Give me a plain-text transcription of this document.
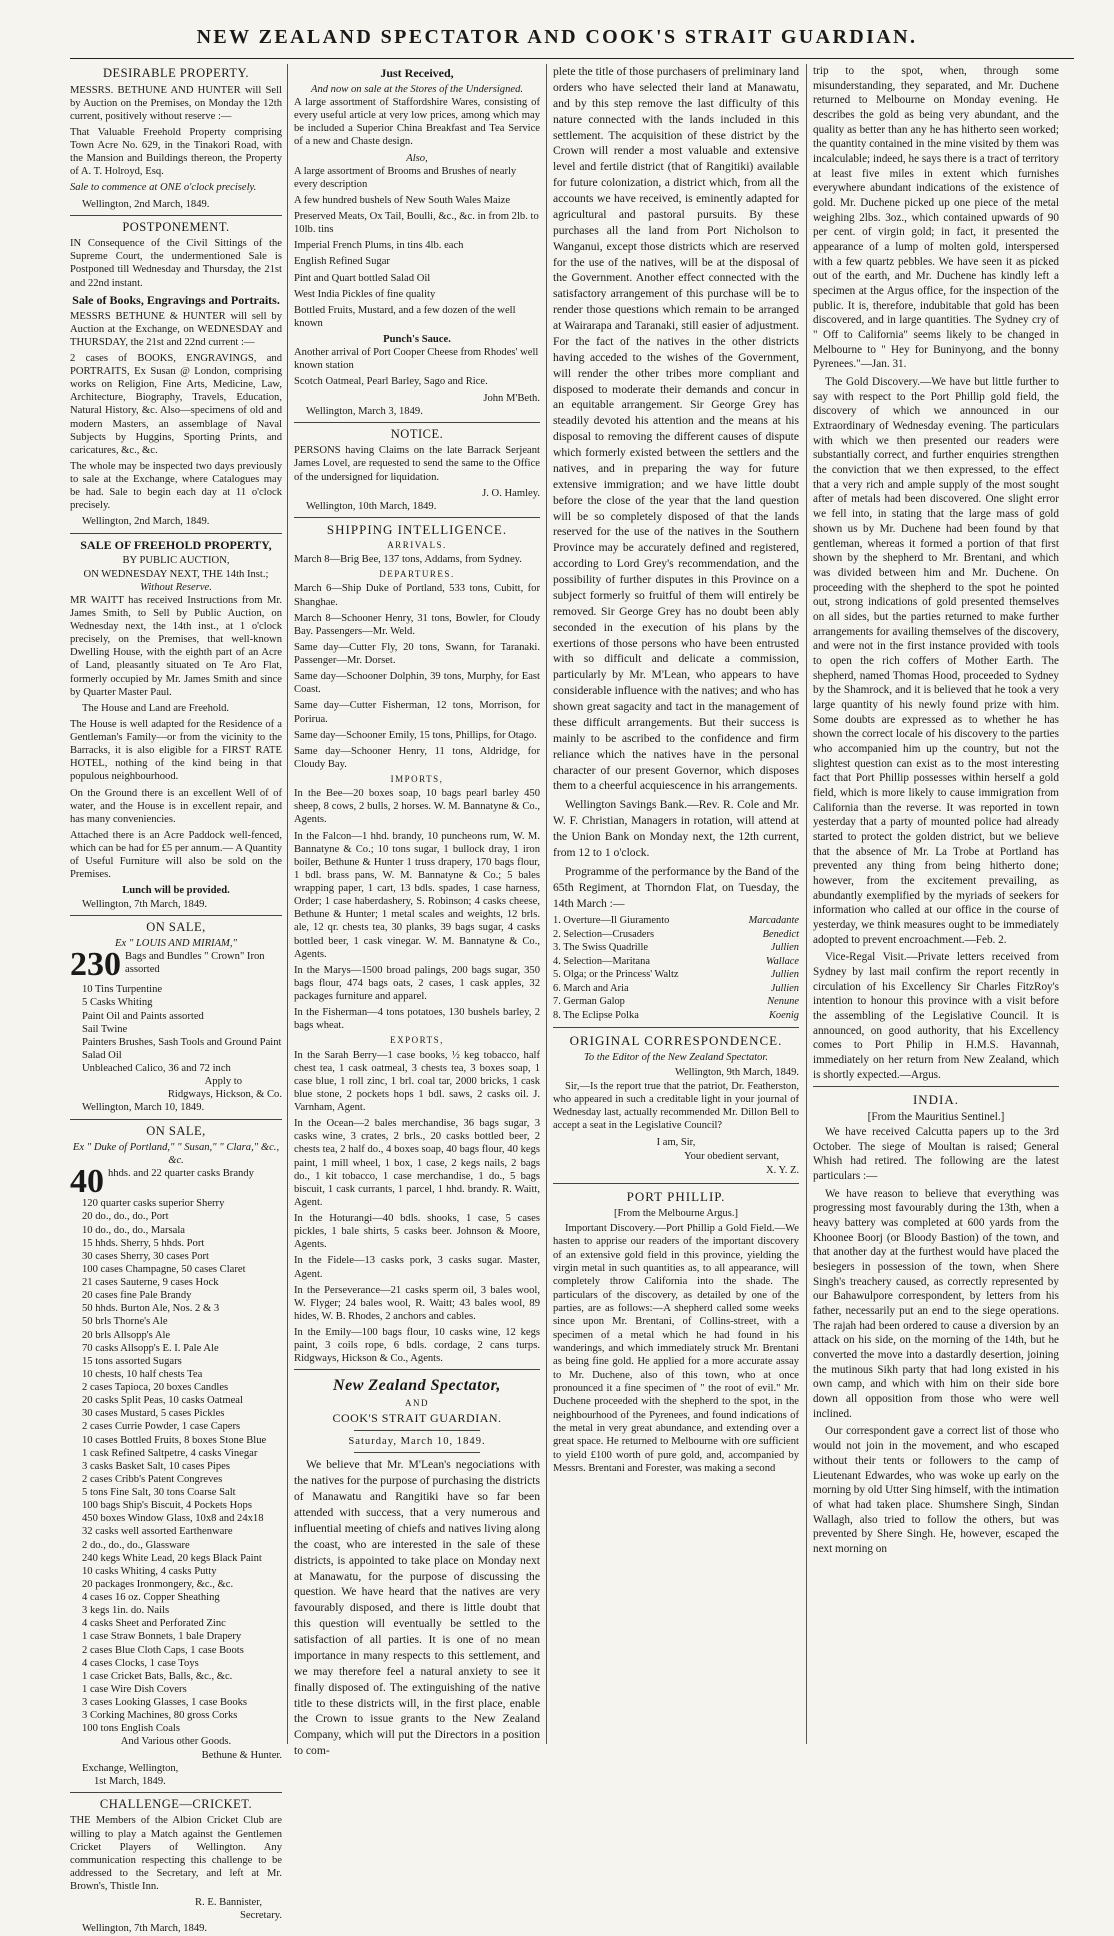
NEW ZEALAND SPECTATOR AND COOK'S STRAIT GUARDIAN.
DESIRABLE PROPERTY.
MESSRS. BETHUNE AND HUNTER will Sell by Auction on the Premises, on Monday the 12th current, positively without reserve :—
That Valuable Freehold Property comprising Town Acre No. 629, in the Tinakori Road, with the Mansion and Buildings thereon, the Property of A. T. Holroyd, Esq.
Sale to commence at ONE o'clock precisely.
Wellington, 2nd March, 1849.
POSTPONEMENT.
IN Consequence of the Civil Sittings of the Supreme Court, the undermentioned Sale is Postponed till Wednesday and Thursday, the 21st and 22nd instant.
Sale of Books, Engravings and Portraits.
MESSRS BETHUNE & HUNTER will sell by Auction at the Exchange, on WEDNESDAY and THURSDAY, the 21st and 22nd current :—
2 cases of BOOKS, ENGRAVINGS, and PORTRAITS, Ex Susan @ London, comprising works on Religion, Fine Arts, Medicine, Law, Architecture, Biography, Travels, Education, Natural History, &c. Also—specimens of old and modern Masters, an assemblage of Naval Subjects by Huggins, Sporting Prints, and caricatures, &c., &c.
The whole may be inspected two days previously to sale at the Exchange, where Catalogues may be had. Sale to begin each day at 11 o'clock precisely.
Wellington, 2nd March, 1849.
SALE OF FREEHOLD PROPERTY,
BY PUBLIC AUCTION,
ON WEDNESDAY NEXT, THE 14th Inst.;
Without Reserve.
MR WAITT has received Instructions from Mr. James Smith, to Sell by Public Auction, on Wednesday next, the 14th inst., at 1 o'clock precisely, on the Premises, that well-known Dwelling House, with the eighth part of an Acre of Land, pleasantly situated on Te Aro Flat, formerly occupied by Mr. James Smith and since by Quarter Master Paul.
The House and Land are Freehold.
The House is well adapted for the Residence of a Gentleman's Family—or from the vicinity to the Barracks, it is also eligible for a FIRST RATE HOTEL, nothing of the kind being in that populous neighbourhood.
On the Ground there is an excellent Well of of water, and the House is in excellent repair, and has many conveniencies.
Attached there is an Acre Paddock well-fenced, which can be had for £5 per annum.— A Quantity of Useful Furniture will also be sold on the Premises.
Lunch will be provided.
Wellington, 7th March, 1849.
ON SALE,
Ex " LOUIS AND MIRIAM,"
230 Bags and Bundles " Crown" Iron assorted
10 Tins Turpentine
5 Casks Whiting
Paint Oil and Paints assorted
Sail Twine
Painters Brushes, Sash Tools and Ground Paint
Salad Oil
Unbleached Calico, 36 and 72 inch
Apply to
Ridgways, Hickson, & Co.
Wellington, March 10, 1849.
ON SALE,
Ex " Duke of Portland," " Susan," " Clara," &c., &c.
40 hhds. and 22 quarter casks Brandy
120 quarter casks superior Sherry
20 do., do., do., Port
10 do., do., do., Marsala
15 hhds. Sherry, 5 hhds. Port
30 cases Sherry, 30 cases Port
100 cases Champagne, 50 cases Claret
21 cases Sauterne, 9 cases Hock
20 cases fine Pale Brandy
50 hhds. Burton Ale, Nos. 2 & 3
50 brls Thorne's Ale
20 brls Allsopp's Ale
70 casks Allsopp's E. I. Pale Ale
15 tons assorted Sugars
10 chests, 10 half chests Tea
2 cases Tapioca, 20 boxes Candles
20 casks Split Peas, 10 casks Oatmeal
30 cases Mustard, 5 cases Pickles
2 cases Currie Powder, 1 case Capers
10 cases Bottled Fruits, 8 boxes Stone Blue
1 cask Refined Saltpetre, 4 casks Vinegar
3 casks Basket Salt, 10 cases Pipes
2 cases Cribb's Patent Congreves
5 tons Fine Salt, 30 tons Coarse Salt
100 bags Ship's Biscuit, 4 Pockets Hops
450 boxes Window Glass, 10x8 and 24x18
32 casks well assorted Earthenware
2 do., do., do., Glassware
240 kegs White Lead, 20 kegs Black Paint
10 casks Whiting, 4 casks Putty
20 packages Ironmongery, &c., &c.
4 cases 16 oz. Copper Sheathing
3 kegs 1in. do. Nails
4 casks Sheet and Perforated Zinc
1 case Straw Bonnets, 1 bale Drapery
2 cases Blue Cloth Caps, 1 case Boots
4 cases Clocks, 1 case Toys
1 case Cricket Bats, Balls, &c., &c.
1 case Wire Dish Covers
3 cases Looking Glasses, 1 case Books
3 Corking Machines, 80 gross Corks
100 tons English Coals
And Various other Goods.
Bethune & Hunter.
Exchange, Wellington,
1st March, 1849.
CHALLENGE—CRICKET.
THE Members of the Albion Cricket Club are willing to play a Match against the Gentlemen Cricket Players of Wellington. Any communication respecting this challenge to be addressed to the Secretary, and left at Mr. Brown's, Thistle Inn.
R. E. Bannister,
Secretary.
Wellington, 7th March, 1849.
Just Received,
And now on sale at the Stores of the Undersigned.
A large assortment of Staffordshire Wares, consisting of every useful article at very low prices, among which may be included a Superior China Breakfast and Tea Service of a new and Chaste design.
Also,
A large assortment of Brooms and Brushes of nearly every description
A few hundred bushels of New South Wales Maize
Preserved Meats, Ox Tail, Boulli, &c., &c. in from 2lb. to 10lb. tins
Imperial French Plums, in tins 4lb. each
English Refined Sugar
Pint and Quart bottled Salad Oil
West India Pickles of fine quality
Bottled Fruits, Mustard, and a few dozen of the well known
Punch's Sauce.
Another arrival of Port Cooper Cheese from Rhodes' well known station
Scotch Oatmeal, Pearl Barley, Sago and Rice.
John M'Beth.
Wellington, March 3, 1849.
NOTICE.
PERSONS having Claims on the late Barrack Serjeant James Lovel, are requested to send the same to the Office of the undersigned for liquidation.
J. O. Hamley.
Wellington, 10th March, 1849.
SHIPPING INTELLIGENCE.
ARRIVALS.
March 8—Brig Bee, 137 tons, Addams, from Sydney.
DEPARTURES.
March 6—Ship Duke of Portland, 533 tons, Cubitt, for Shanghae.
March 8—Schooner Henry, 31 tons, Bowler, for Cloudy Bay. Passengers—Mr. Weld.
Same day—Cutter Fly, 20 tons, Swann, for Taranaki. Passenger—Mr. Dorset.
Same day—Schooner Dolphin, 39 tons, Murphy, for East Coast.
Same day—Cutter Fisherman, 12 tons, Morrison, for Porirua.
Same day—Schooner Emily, 15 tons, Phillips, for Otago.
Same day—Schooner Henry, 11 tons, Aldridge, for Cloudy Bay.
IMPORTS,
In the Bee—20 boxes soap, 10 bags pearl barley 450 sheep, 8 cows, 2 bulls, 2 horses. W. M. Bannatyne & Co., Agents.
In the Falcon—1 hhd. brandy, 10 puncheons rum, W. M. Bannatyne & Co.; 10 tons sugar, 1 bullock dray, 1 iron boiler, Bethune & Hunter 1 truss drapery, 170 bags flour, 1 bdl. brass pans, W. M. Bannatyne & Co.; 5 bales wrapping paper, 1 cart, 13 bdls. spades, 1 case harness, Order; 1 case haberdashery, S. Robinson; 4 casks cheese, Bethune & Hunter; 1 metal scales and weights, 12 brls. ale, 12 qr. chests tea, 30 planks, 39 bags sugar, 4 casks bottled beer, 1 cask vinegar. W. M. Bannatyne & Co., Agents.
In the Marys—1500 broad palings, 200 bags sugar, 350 bags flour, 474 bags oats, 2 cases, 1 cask apples, 32 packages furniture and apparel.
In the Fisherman—4 tons potatoes, 130 bushels barley, 2 bags wheat.
EXPORTS,
In the Sarah Berry—1 case books, ½ keg tobacco, half chest tea, 1 cask oatmeal, 3 chests tea, 3 boxes soap, 1 case blue, 1 roll zinc, 1 brl. coal tar, 2000 bricks, 1 cask blue stone, 2 pockets hops 1 bdl. saws, 2 casks oil. J. Varnham, Agent.
In the Ocean—2 bales merchandise, 36 bags sugar, 3 casks wine, 3 crates, 2 brls., 20 casks bottled beer, 2 chests tea, 2 half do., 4 boxes soap, 40 bags flour, 40 kegs paint, 1 mill wheel, 1 box, 1 case, 2 kegs nails, 2 bags do., 1 kit tobacco, 1 case merchandise, 1 do., 5 bags biscuit, 1 cask currants, 1 parcel, 1 hhd. brandy. R. Waitt, Agent.
In the Hoturangi—40 bdls. shooks, 1 case, 5 cases pickles, 1 bale shirts, 5 casks beer. Johnson & Moore, Agents.
In the Fidele—13 casks pork, 3 casks sugar. Master, Agent.
In the Perseverance—21 casks sperm oil, 3 bales wool, W. Flyger; 24 bales wool, R. Waitt; 43 bales wool, 89 hides, W. B. Rhodes, 2 anchors and cables.
In the Emily—100 bags flour, 10 casks wine, 12 kegs paint, 3 coils rope, 6 bdls. cordage, 2 cans turps. Ridgways, Hickson & Co., Agents.
New Zealand Spectator,
AND
COOK'S STRAIT GUARDIAN.
Saturday, March 10, 1849.

We believe that Mr. M'Lean's negociations with the natives for the purpose of purchasing the districts of Manawatu and Rangitiki have so far been attended with success, that a very numerous and influential meeting of chiefs and natives living along the coast, who are interested in the sale of these districts, is appointed to take place on Monday next at Manawatu, for the purpose of discussing the question. We have heard that the natives are very favourably disposed, and there is little doubt that this question will eventually be settled to the satisfaction of all parties. It is one of no mean importance in many respects to this settlement, and we may therefore feel a natural anxiety to see it finally disposed of. The extinguishing of the native title to these districts will, in the first place, enable the Crown to issue grants to the New Zealand Company, which will put the Directors in a position to com-

plete the title of those purchasers of preliminary land orders who have selected their land at Manawatu, and by this step remove the last difficulty of this nature connected with the lands included in this settlement. The acquisition of these district by the Crown will render a most valuable and extensive level and fertile district (that of Rangitiki) available for future colonization, a district which, from all the accounts we have received, is eminently adapted for agricultural and pastoral pursuits. By these purchases all the land from Port Nicholson to Wanganui, except those districts which are reserved for the use of the natives, will be at the disposal of the Government. Another effect connected with the satisfactory arrangement of this purchase will be to render those questions which remain to be arranged at Wairarapa and Taranaki, still easier of adjustment. For the fact of the natives in the other districts having acceded to the wishes of the Government, will render the other tribes more compliant and disposed to moderate their demands and concur in an equitable arrangement. Sir George Grey has steadily devoted his attention and the means at his disposal to removing the different causes of dispute which formerly existed between the settlers and the natives, and in preparing the way for future extensive immigration; and we have little doubt before the close of the year that the land question will be so completely disposed of that the lands reserved for the use of the natives in the Southern Province may be accurately defined and registered, according to Lord Grey's recommendation, and the possibility of further disputes in this Province on a subject formerly so fruitful of them will entirely be removed. Sir George Grey has no doubt been ably seconded in the execution of his plans by the exertions of those persons who have been entrusted with so difficult and delicate a commission, particularly by Mr. M'Lean, who appears to have considerable influence with the natives; and who has shown great sagacity and tact in the management of these difficult arrangements. But their success is mainly to be ascribed to the confidence and firm reliance which the natives have in the personal character of our present Governor, which disposes them to a cheerful acquiescence in his arrangements.

Wellington Savings Bank.—Rev. R. Cole and Mr. W. F. Christian, Managers in rotation, will attend at the Union Bank on Monday next, the 12th current, from 12 to 1 o'clock.

Programme of the performance by the Band of the 65th Regiment, at Thorndon Flat, on Tuesday, the 14th March :—

Marcadante
1. Overture—Il Giuramento
Benedict
2. Selection—Crusaders
Jullien
3. The Swiss Quadrille
Wallace
4. Selection—Maritana
Jullien
5. Olga; or the Princess' Waltz
Jullien
6. March and Aria
Nenune
7. German Galop
Koenig
8. The Eclipse Polka
ORIGINAL CORRESPONDENCE.
To the Editor of the New Zealand Spectator.
Wellington, 9th March, 1849.

Sir,—Is the report true that the patriot, Dr. Featherston, who appeared in such a creditable light in your journal of Wednesday last, actually recommended Mr. Dillon Bell to accept a seat in the Legislative Council?

I am, Sir,
Your obedient servant,
X. Y. Z.
PORT PHILLIP.
[From the Melbourne Argus.]

Important Discovery.—Port Phillip a Gold Field.—We hasten to apprise our readers of the important discovery of an extensive gold field in this province, yielding the virgin metal in such quantities as, to all appearance, will completely throw California into the shade. The particulars of the discovery, as detailed by one of the parties, are as follows:—A shepherd called some weeks since upon Mr. Brentani, of Collins-street, with a specimen of a metal which he had found in his wanderings, and which immediately struck Mr. Brentani as being fine gold. He applied for a more accurate assay to Mr. Duchene, also of this town, who at once pronounced it a fine specimen of " the root of evil." Mr. Duchene proceeded with the shepherd to the spot, in the neighbourhood of the Pyrenees, and found indications of the metal in very great abundance, and extending over a great space. He returned to Melbourne with ore sufficient to yield £100 worth of pure gold, and, accompanied by Messrs. Brentani and Forester, was making a second

trip to the spot, when, through some misunderstanding, they separated, and Mr. Duchene returned to Melbourne on Monday evening. He describes the gold as being very abundant, and the quality as better than any he has hitherto seen worked; the quantity contained in the mine visited by them was incalculable; indeed, he says there is a tract of territory at least five miles in extent which furnishes everywhere abundant indications of the existence of gold. Mr. Duchene picked up one piece of the metal weighing 2lbs. 3oz., which contained upwards of 90 per cent. of virgin gold; in fact, it presented the appearance of a lump of molten gold, interspersed with a few quartz pebbles. We have seen it as picked out of the earth, and Mr. Duchene has kindly left a specimen at the Argus office, for the inspection of the public. It is, therefore, indubitable that gold has been discovered, and in large quantities. The Sydney cry of " Off to California" seems likely to be changed in Melbourne to " Hey for Buninyong, and the bonny Pyrenees."—Jan. 31.

The Gold Discovery.—We have but little further to say with respect to the Port Phillip gold field, the discovery of which we announced in our Extraordinary of Wednesday evening. The particulars with which we then presented our readers were substantially correct, and further enquiries strengthen the conviction that we then expressed, to the effect that a very rich and ample supply of the most sought after of metals had been discovered. One slight error we fell into, in stating that the large mass of gold shown us by Mr. Duchene had been found by that gentleman, whereas it formed a portion of that first shown by the shepherd to Mr. Brentani, and which was divided between him and Mr. Duchene. On proceeding with the shepherd to the spot he pointed out, strong indications of gold presented themselves on all sides, but the parties returned to make further arrangements for availing themselves of the discovery, and were not in the first instance provided with tools to open the rich coffers of Mother Earth. The shepherd, named Thomas Hood, proceeded to Sydney by the Shamrock, and it is believed that he took a very large quantity of his newly found prize with him. Some doubts are expressed as to whether he has shown the correct locale of his discovery to the parties who accompanied him up the country, but not the slightest question can exist as to the most interesting fact that Port Phillip possesses within herself a gold field, which is more likely to cause immigration from California than the reverse. It was reported in town yesterday that a party of mounted police had already started to protect the golden district, but we believe that the absence of Mr. La Trobe at Portland has prevented any thing from being hitherto done; however, from the excitement prevailing, as abundantly exemplified by the myriads of seekers for information who called at our office in the course of yesterday, we think measures ought to be immediately adopted to prevent encroachment.—Feb. 2.

Vice-Regal Visit.—Private letters received from Sydney by last mail confirm the report recently in circulation of his Excellency Sir Charles FitzRoy's intention to honour this province with a visit before the assembling of the Legislative Council. It is announced, on good authority, that his Excellency comes to Port Philip in H.M.S. Havannah, immediately on her return from New Zealand, which is shortly expected.—Argus.

INDIA.
[From the Mauritius Sentinel.]

We have received Calcutta papers up to the 3rd October. The siege of Moultan is raised; General Whish had retired. The following are the latest particulars :—

We have reason to believe that everything was progressing most favourably during the 13th, when a heavy battery was completed at 600 yards from the Khoonee Boorj (or Bloody Bastion) of the town, and that another day at the furthest would have placed the besiegers in possession of the town, when Shere Singh's treachery caused, as correctly represented by our Bahawulpore correspondent, by letters from his father, necessarily put an end to the siege operations. The rajah had been ordered to cause a diversion by an attack on his side, on the morning of the 14th, but he converted the move into a dastardly desertion, joining the mutinous Sikh party that had long existed in his own camp, and which with him on their side bore down all opposition from those who were well inclined.

Our correspondent gave a correct list of those who would not join in the movement, and who escaped without their tents or followers to the camp of Lieutenant Edwardes, who was woke up early on the morning by old Utter Sing himself, with the intimation of what had taken place. Shumshere Singh, Sindan Wallagh, also tried to follow the others, but was prevented by Shere Singh. He, however, escaped the next morning on
